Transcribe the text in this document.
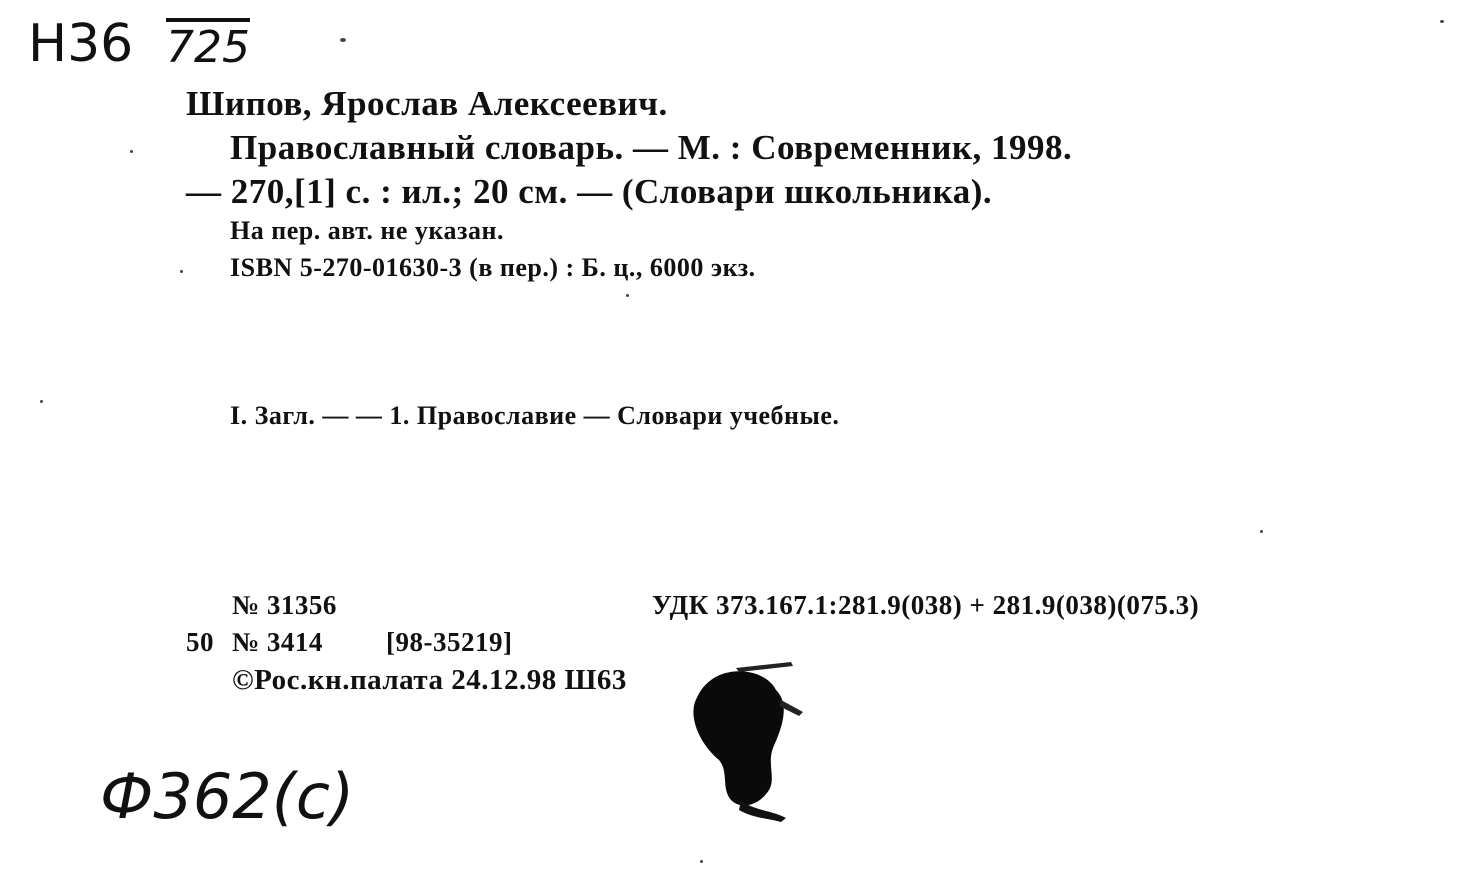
Н36 725
Шипов, Ярослав Алексеевич.
Православный словарь. — М. : Современник, 1998.
— 270,[1] с. : ил.; 20 см. — (Словари школьника).
На пер. авт. не указан.
ISBN 5-270-01630-3 (в пер.) : Б. ц., 6000 экз.
I. Загл. — — 1. Православие — Словари учебные.
№ 31356	УДК 373.167.1:281.9(038) + 281.9(038)(075.3)
50 № 3414 [98-35219]
©Рос.кн.палата 24.12.98 Ш63
Ф362(с)
